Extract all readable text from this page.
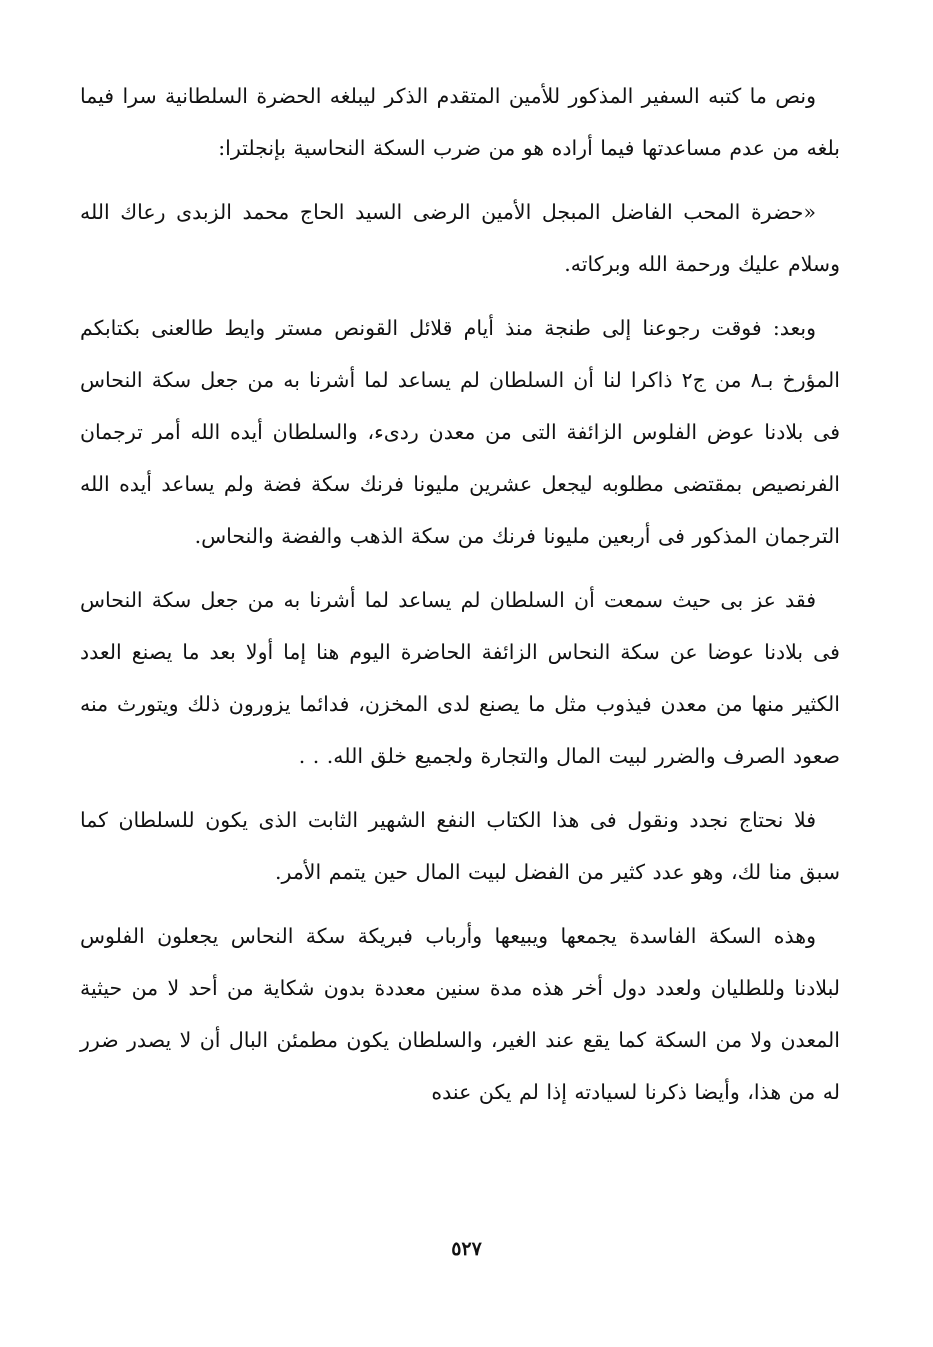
ونص ما كتبه السفير المذكور للأمين المتقدم الذكر ليبلغه الحضرة السلطانية سرا فيما بلغه من عدم مساعدتها فيما أراده هو من ضرب السكة النحاسية بإنجلترا:

«حضرة المحب الفاضل المبجل الأمين الرضى السيد الحاج محمد الزبدى رعاك الله وسلام عليك ورحمة الله وبركاته.

وبعد: فوقت رجوعنا إلى طنجة منذ أيام قلائل القونص مستر وايط طالعنى بكتابكم المؤرخ بـ٨ من ج٢ ذاكرا لنا أن السلطان لم يساعد لما أشرنا به من جعل سكة النحاس فى بلادنا عوض الفلوس الزائفة التى من معدن ردىء، والسلطان أيده الله أمر ترجمان الفرنصيص بمقتضى مطلوبه ليجعل عشرين مليونا فرنك سكة فضة ولم يساعد أيده الله الترجمان المذكور فى أربعين مليونا فرنك من سكة الذهب والفضة والنحاس.

فقد عز بى حيث سمعت أن السلطان لم يساعد لما أشرنا به من جعل سكة النحاس فى بلادنا عوضا عن سكة النحاس الزائفة الحاضرة اليوم هنا إما أولا بعد ما يصنع العدد الكثير منها من معدن فيذوب مثل ما يصنع لدى المخزن، فدائما يزورون ذلك ويتورث منه صعود الصرف والضرر لبيت المال والتجارة ولجميع خلق الله. . .

فلا نحتاج نجدد ونقول فى هذا الكتاب النفع الشهير الثابت الذى يكون للسلطان كما سبق منا لك، وهو عدد كثير من الفضل لبيت المال حين يتمم الأمر.

وهذه السكة الفاسدة يجمعها ويبيعها وأرباب فبريكة سكة النحاس يجعلون الفلوس لبلادنا وللطليان ولعدد دول أخر هذه مدة سنين معددة بدون شكاية من أحد لا من حيثية المعدن ولا من السكة كما يقع عند الغير، والسلطان يكون مطمئن البال أن لا يصدر ضرر له من هذا، وأيضا ذكرنا لسيادته إذا لم يكن عنده

٥٢٧
